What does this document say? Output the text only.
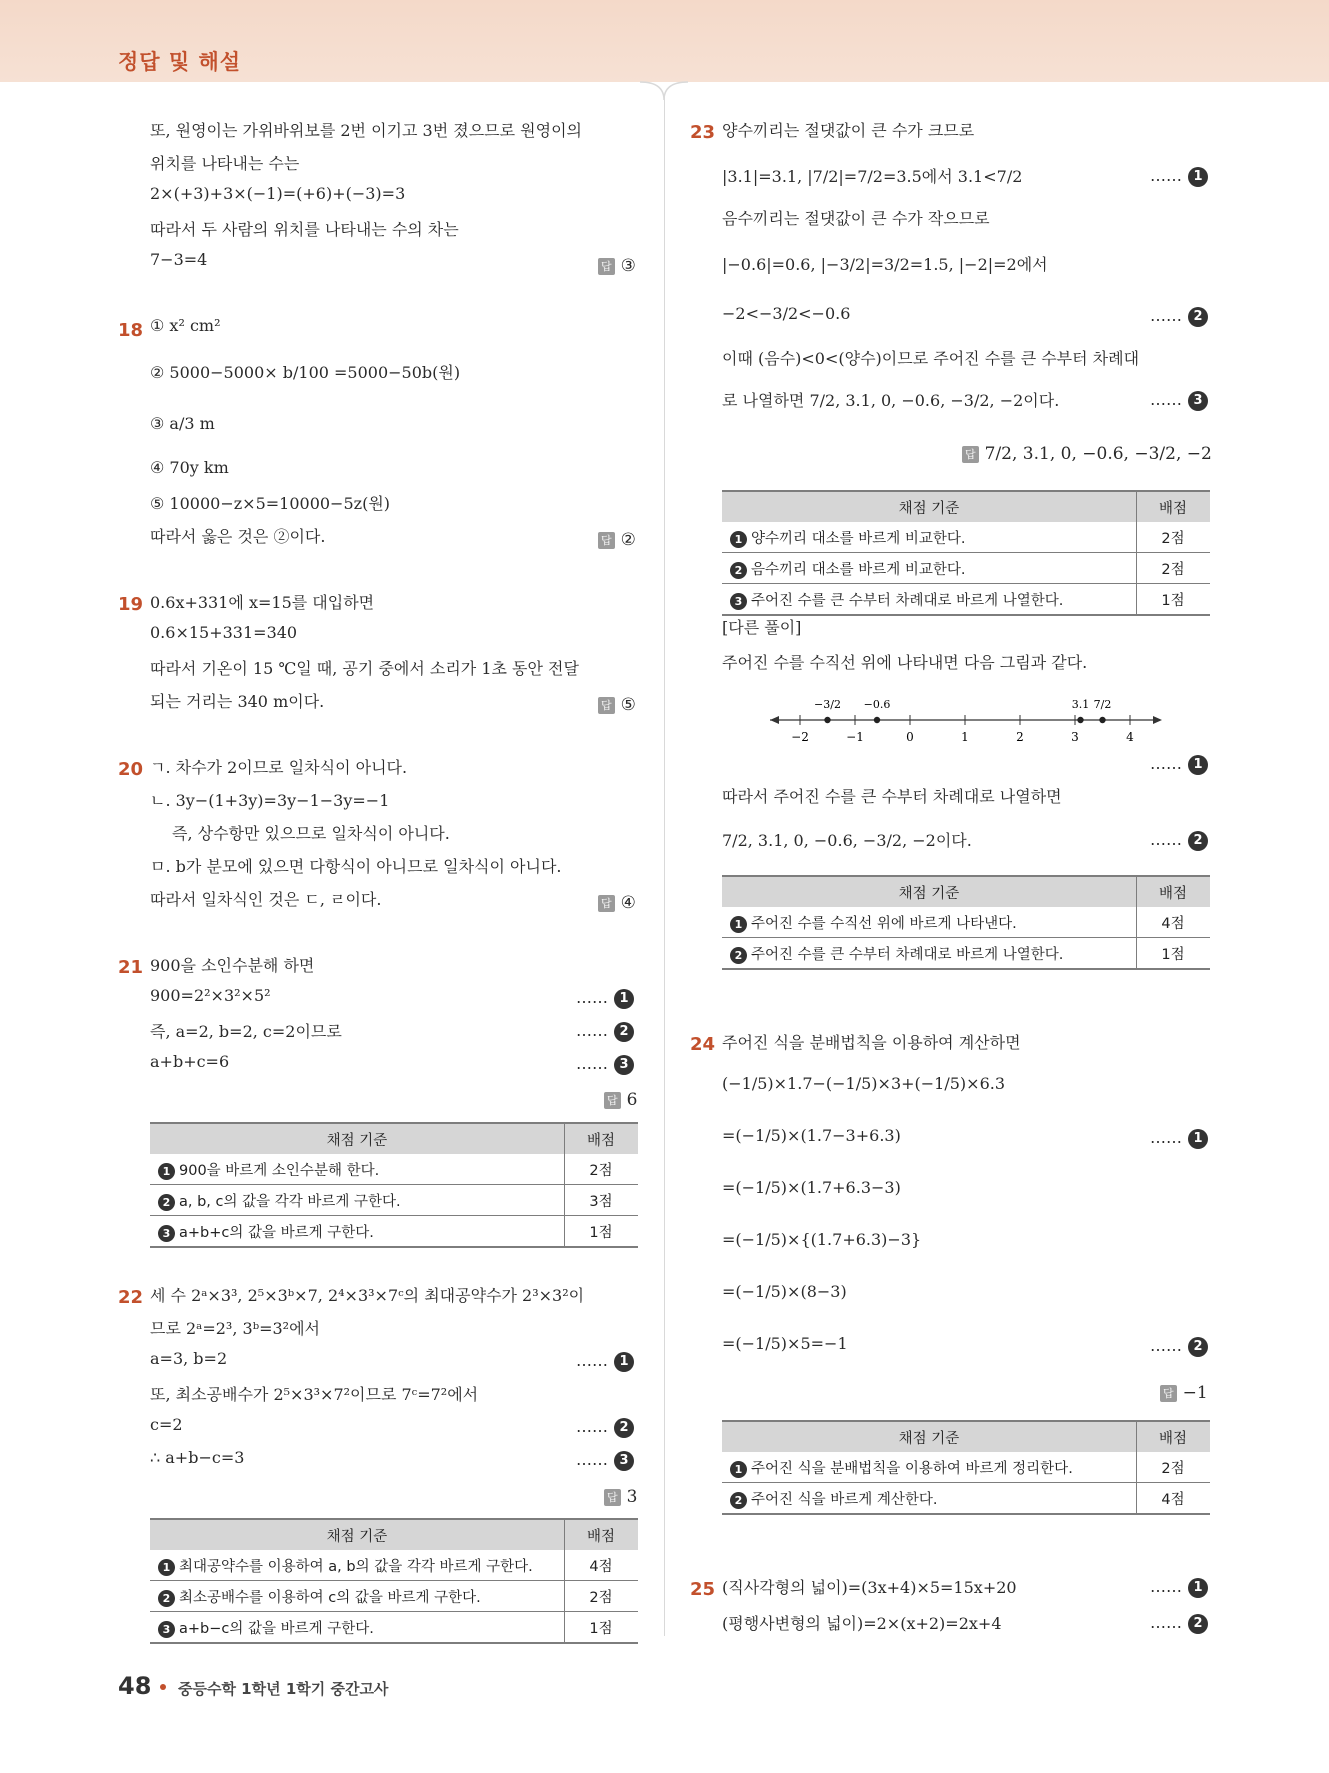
정답 및 해설
또, 원영이는 가위바위보를 2번 이기고 3번 졌으므로 원영이의
위치를 나타내는 수는
2×(+3)+3×(−1)=(+6)+(−3)=3
따라서 두 사람의 위치를 나타내는 수의 차는
7−3=4	답 ③
18 ① x² cm²
② 5000−5000× b/100 =5000−50b(원)
③ a/3 m
④ 70y km
⑤ 10000−z×5=10000−5z(원)
따라서 옳은 것은 ②이다.	답 ②
19 0.6x+331에 x=15를 대입하면
0.6×15+331=340
따라서 기온이 15 ℃일 때, 공기 중에서 소리가 1초 동안 전달
되는 거리는 340 m이다.	답 ⑤
20 ㄱ. 차수가 2이므로 일차식이 아니다.
ㄴ. 3y−(1+3y)=3y−1−3y=−1
즉, 상수항만 있으므로 일차식이 아니다.
ㅁ. b가 분모에 있으면 다항식이 아니므로 일차식이 아니다.
따라서 일차식인 것은 ㄷ, ㄹ이다.	답 ④
21 900을 소인수분해 하면
900=2²×3²×5²	…… 1
즉, a=2, b=2, c=2이므로	…… 2
a+b+c=6	…… 3
답 6
채점 기준	배점
1 900을 바르게 소인수분해 한다.	2점
2 a, b, c의 값을 각각 바르게 구한다.	3점
3 a+b+c의 값을 바르게 구한다.	1점
22 세 수 2ᵃ×3³, 2⁵×3ᵇ×7, 2⁴×3³×7ᶜ의 최대공약수가 2³×3²이
므로 2ᵃ=2³, 3ᵇ=3²에서
a=3, b=2	…… 1
또, 최소공배수가 2⁵×3³×7²이므로 7ᶜ=7²에서
c=2	…… 2
∴ a+b−c=3	…… 3
답 3
채점 기준	배점
1 최대공약수를 이용하여 a, b의 값을 각각 바르게 구한다.	4점
2 최소공배수를 이용하여 c의 값을 바르게 구한다.	2점
3 a+b−c의 값을 바르게 구한다.	1점
23 양수끼리는 절댓값이 큰 수가 크므로
|3.1|=3.1, |7/2|=7/2=3.5에서 3.1<7/2	…… 1
음수끼리는 절댓값이 큰 수가 작으므로
|−0.6|=0.6, |−3/2|=3/2=1.5, |−2|=2에서
−2<−3/2<−0.6	…… 2
이때 (음수)<0<(양수)이므로 주어진 수를 큰 수부터 차례대
로 나열하면 7/2, 3.1, 0, −0.6, −3/2, −2이다.	…… 3
답 7/2, 3.1, 0, −0.6, −3/2, −2
채점 기준	배점
1 양수끼리 대소를 바르게 비교한다.	2점
2 음수끼리 대소를 바르게 비교한다.	2점
3 주어진 수를 큰 수부터 차례대로 바르게 나열한다.	1점
[다른 풀이]
주어진 수를 수직선 위에 나타내면 다음 그림과 같다.
−2	−1	0	1	2	3	4
−3/2 −0.6	3.1 7/2
…… 1
따라서 주어진 수를 큰 수부터 차례대로 나열하면
7/2, 3.1, 0, −0.6, −3/2, −2이다.	…… 2
채점 기준	배점
1 주어진 수를 수직선 위에 바르게 나타낸다.	4점
2 주어진 수를 큰 수부터 차례대로 바르게 나열한다.	1점
24 주어진 식을 분배법칙을 이용하여 계산하면
(−1/5)×1.7−(−1/5)×3+(−1/5)×6.3
=(−1/5)×(1.7−3+6.3)	…… 1
=(−1/5)×(1.7+6.3−3)
=(−1/5)×{(1.7+6.3)−3}
=(−1/5)×(8−3)
=(−1/5)×5=−1	…… 2
답 −1
채점 기준	배점
1 주어진 식을 분배법칙을 이용하여 바르게 정리한다.	2점
2 주어진 식을 바르게 계산한다.	4점
25 (직사각형의 넓이)=(3x+4)×5=15x+20	…… 1
(평행사변형의 넓이)=2×(x+2)=2x+4	…… 2
48 중등수학 1학년 1학기 중간고사
